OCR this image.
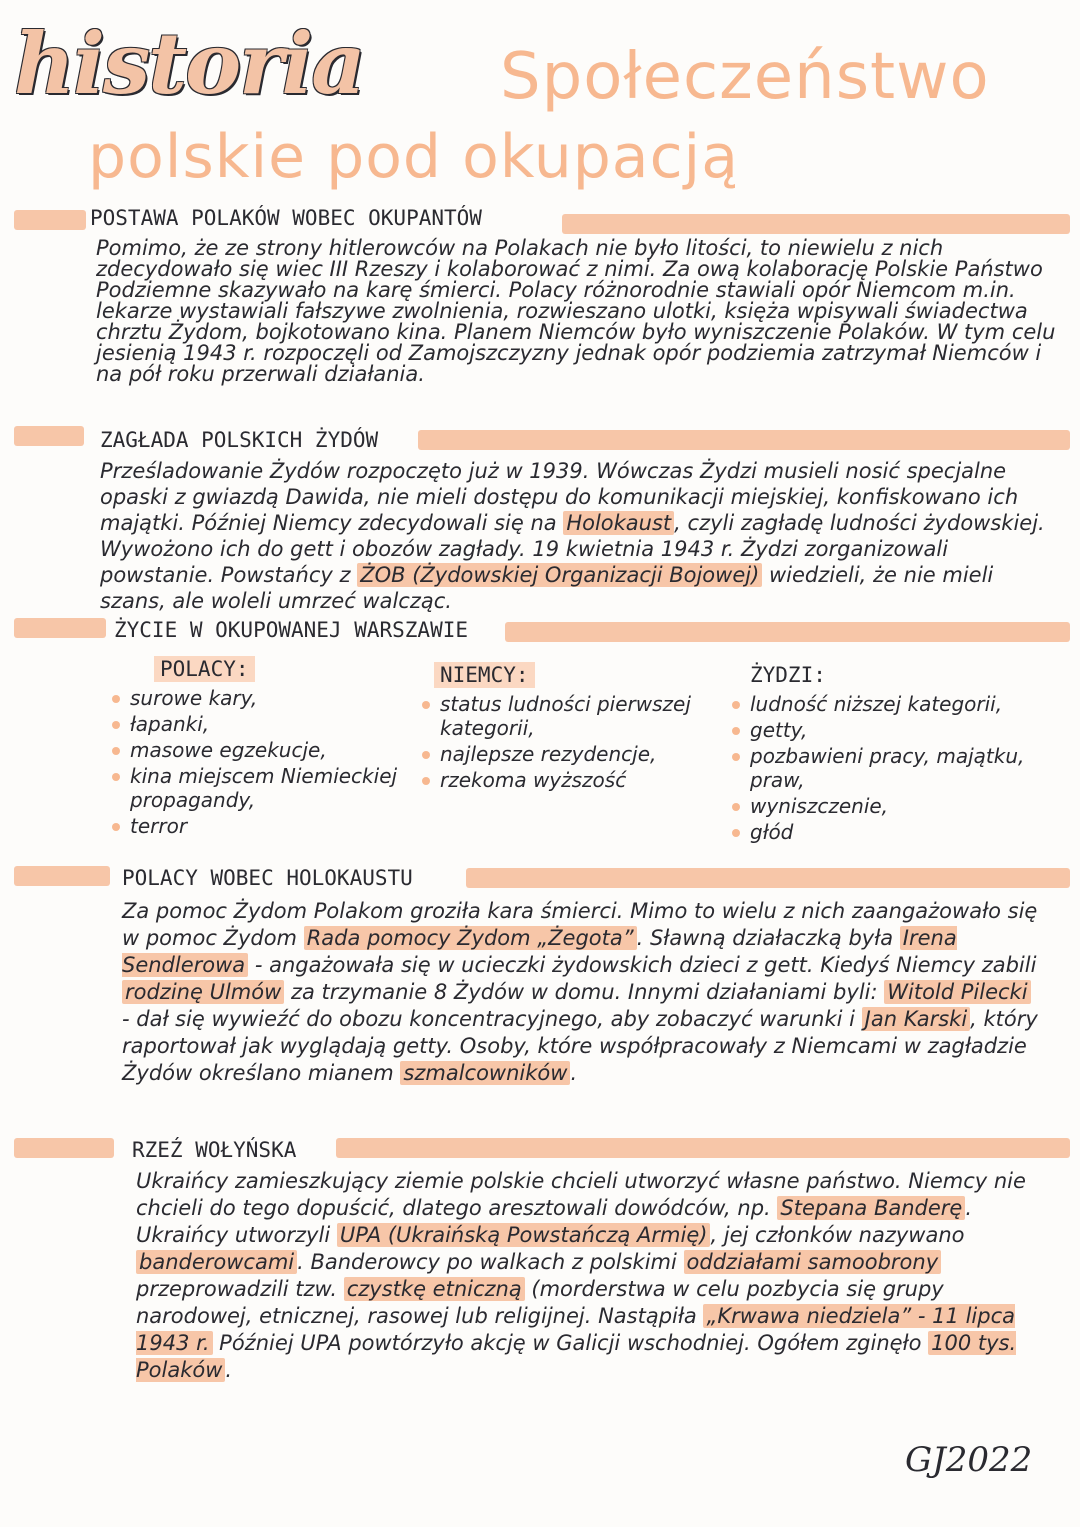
historia Społeczeństwo
polskie pod okupacją
POSTAWA POLAKÓW WOBEC OKUPANTÓW

Pomimo, że ze strony hitlerowców na Polakach nie było litości, to niewielu z nich zdecydowało się wiec III Rzeszy i kolaborować z nimi. Za ową kolaborację Polskie Państwo Podziemne skazywało na karę śmierci. Polacy różnorodnie stawiali opór Niemcom m.in. lekarze wystawiali fałszywe zwolnienia, rozwieszano ulotki, księża wpisywali świadectwa chrztu Żydom, bojkotowano kina. Planem Niemców było wyniszczenie Polaków. W tym celu jesienią 1943 r. rozpoczęli od Zamojszczyzny jednak opór podziemia zatrzymał Niemców i na pół roku przerwali działania.

ZAGŁADA POLSKICH ŻYDÓW

Prześladowanie Żydów rozpoczęto już w 1939. Wówczas Żydzi musieli nosić specjalne opaski z gwiazdą Dawida, nie mieli dostępu do komunikacji miejskiej, konfiskowano ich majątki. Później Niemcy zdecydowali się na Holokaust , czyli zagładę ludności żydowskiej. Wywożono ich do gett i obozów zagłady. 19 kwietnia 1943 r. Żydzi zorganizowali powstanie. Powstańcy z ŻOB (Żydowskiej Organizacji Bojowej) wiedzieli, że nie mieli szans, ale woleli umrzeć walcząc.

ŻYCIE W OKUPOWANEJ WARSZAWIE
POLACY:
surowe kary,
łapanki,
masowe egzekucje,
kina miejscem Niemieckiej propagandy,
terror
NIEMCY:
status ludności pierwszej kategorii,
najlepsze rezydencje,
rzekoma wyższość
ŻYDZI:
ludność niższej kategorii,
getty,
pozbawieni pracy, majątku, praw,
wyniszczenie,
głód
POLACY WOBEC HOLOKAUSTU

Za pomoc Żydom Polakom groziła kara śmierci. Mimo to wielu z nich zaangażowało się w pomoc Żydom Rada pomocy Żydom „Żegota” . Sławną działaczką była Irena Sendlerowa - angażowała się w ucieczki żydowskich dzieci z gett. Kiedyś Niemcy zabili rodzinę Ulmów za trzymanie 8 Żydów w domu. Innymi działaniami byli: Witold Pilecki - dał się wywieźć do obozu koncentracyjnego, aby zobaczyć warunki i Jan Karski , który raportował jak wyglądają getty. Osoby, które współpracowały z Niemcami w zagładzie Żydów określano mianem szmalcowników .

RZEŹ WOŁYŃSKA

Ukraińcy zamieszkujący ziemie polskie chcieli utworzyć własne państwo. Niemcy nie chcieli do tego dopuścić, dlatego aresztowali dowódców, np. Stepana Banderę . Ukraińcy utworzyli UPA (Ukraińską Powstańczą Armię) , jej członków nazywano banderowcami . Banderowcy po walkach z polskimi oddziałami samoobrony przeprowadzili tzw. czystkę etniczną (morderstwa w celu pozbycia się grupy narodowej, etnicznej, rasowej lub religijnej. Nastąpiła „Krwawa niedziela” - 11 lipca 1943 r. Później UPA powtórzyło akcję w Galicji wschodniej. Ogółem zginęło 100 tys. Polaków .

GJ2022
